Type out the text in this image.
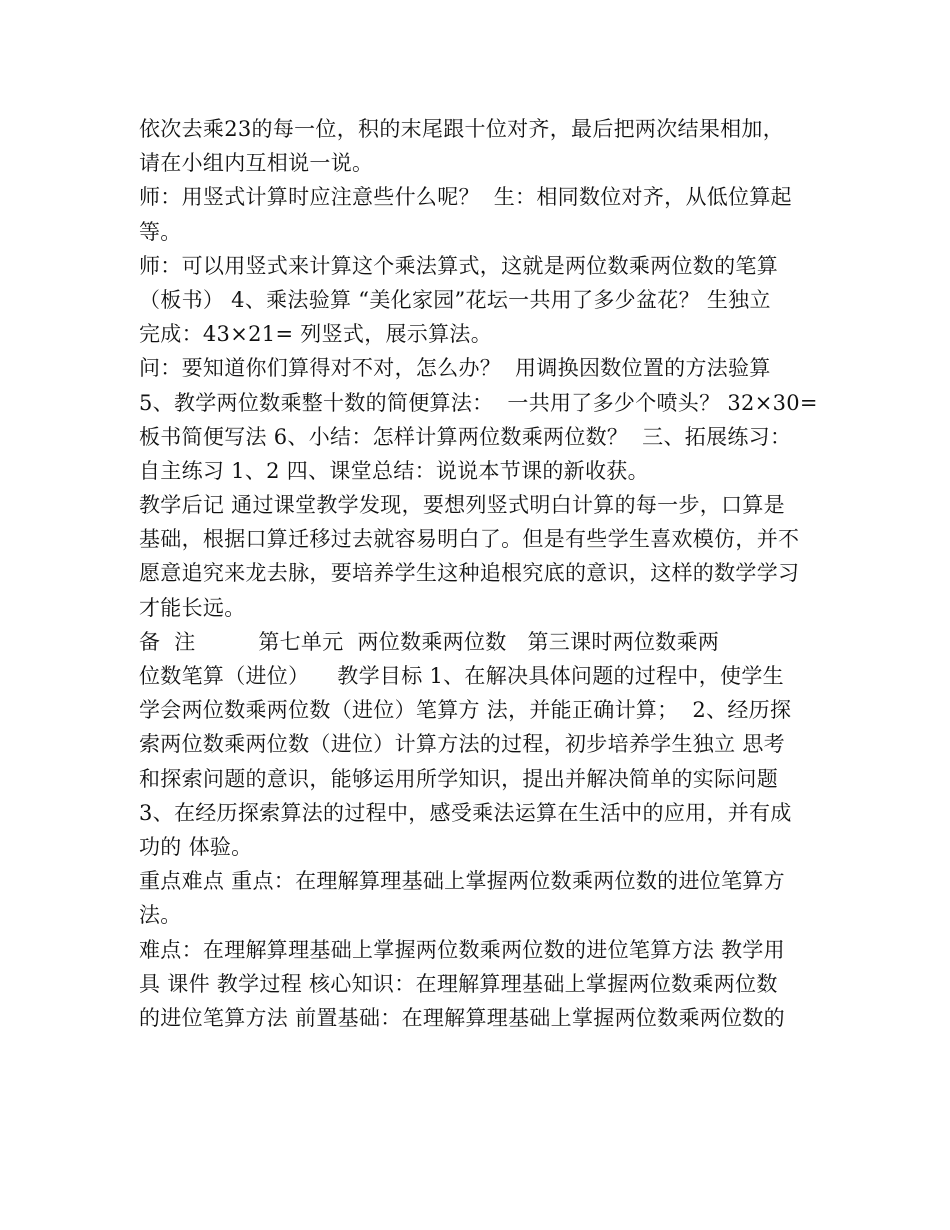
依次去乘23的每一位，积的末尾跟十位对齐，最后把两次结果相加，
请在小组内互相说一说。
师：用竖式计算时应注意些什么呢？  生：相同数位对齐，从低位算起
等。
师：可以用竖式来计算这个乘法算式，这就是两位数乘两位数的笔算
（板书） 4、乘法验算 “美化家园”花坛一共用了多少盆花？ 生独立
完成：43×21= 列竖式，展示算法。
问：要知道你们算得对不对，怎么办？  用调换因数位置的方法验算
5、教学两位数乘整十数的简便算法：  一共用了多少个喷头？ 32×30=
板书简便写法 6、小结：怎样计算两位数乘两位数？  三、拓展练习：
自主练习 1、2 四、课堂总结：说说本节课的新收获。
教学后记 通过课堂教学发现，要想列竖式明白计算的每一步，口算是
基础，根据口算迁移过去就容易明白了。但是有些学生喜欢模仿，并不
愿意追究来龙去脉，要培养学生这种追根究底的意识，这样的数学学习
才能长远。
备  注         第七单元  两位数乘两位数   第三课时两位数乘两
位数笔算（进位）    教学目标 1、在解决具体问题的过程中，使学生
学会两位数乘两位数（进位）笔算方 法，并能正确计算；  2、经历探
索两位数乘两位数（进位）计算方法的过程，初步培养学生独立 思考
和探索问题的意识，能够运用所学知识，提出并解决简单的实际问题
3、在经历探索算法的过程中，感受乘法运算在生活中的应用，并有成
功的 体验。
重点难点 重点：在理解算理基础上掌握两位数乘两位数的进位笔算方
法。
难点：在理解算理基础上掌握两位数乘两位数的进位笔算方法 教学用
具 课件 教学过程 核心知识：在理解算理基础上掌握两位数乘两位数
的进位笔算方法 前置基础：在理解算理基础上掌握两位数乘两位数的
